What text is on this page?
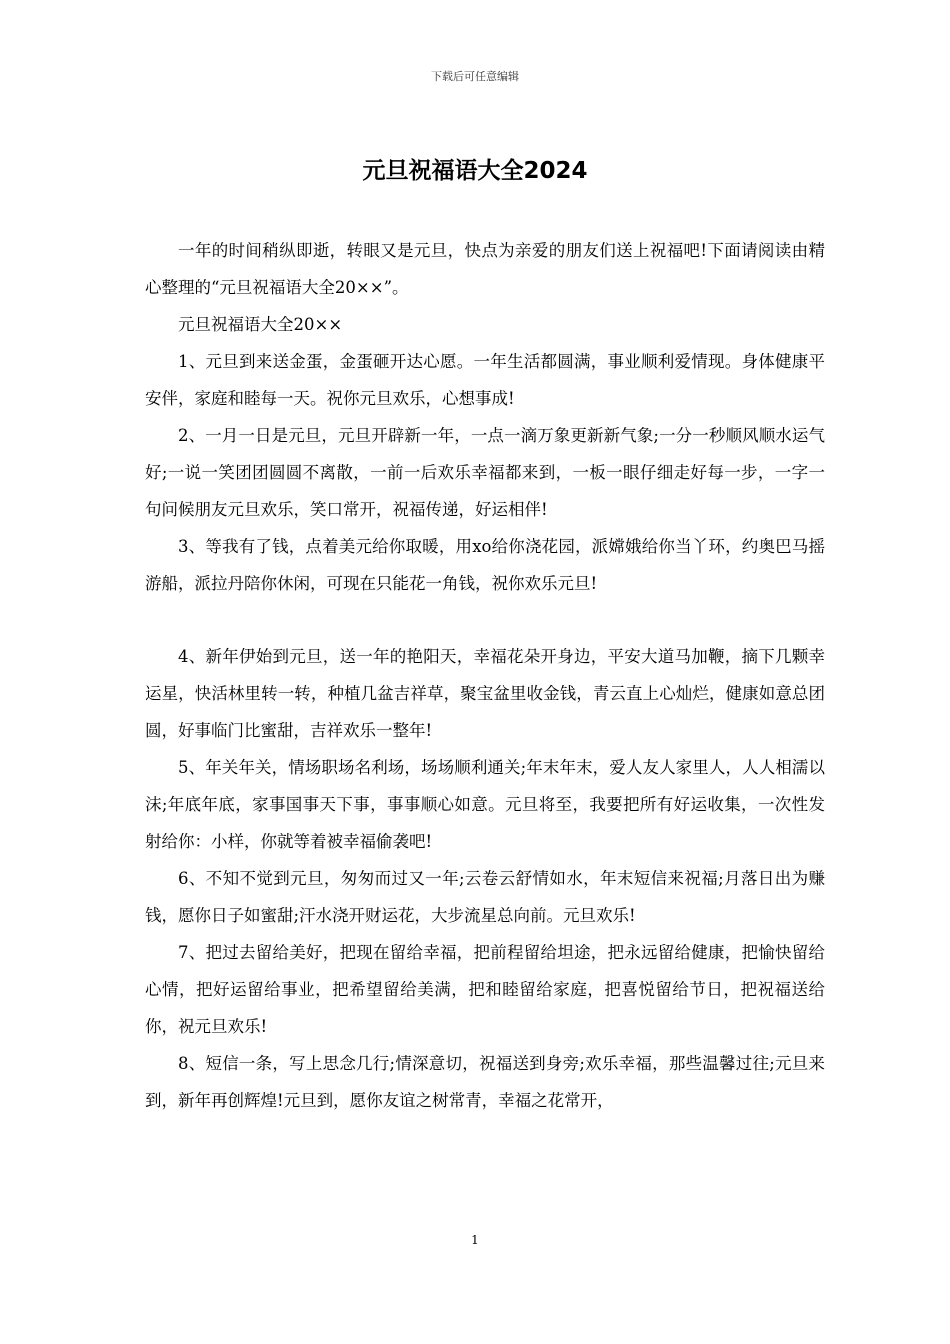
下载后可任意编辑
元旦祝福语大全2024

一年的时间稍纵即逝，转眼又是元旦，快点为亲爱的朋友们送上祝福吧!下面请阅读由精心整理的“元旦祝福语大全20××”。

元旦祝福语大全20××

1、元旦到来送金蛋，金蛋砸开达心愿。一年生活都圆满，事业顺利爱情现。身体健康平安伴，家庭和睦每一天。祝你元旦欢乐，心想事成!

2、一月一日是元旦，元旦开辟新一年，一点一滴万象更新新气象;一分一秒顺风顺水运气好;一说一笑团团圆圆不离散，一前一后欢乐幸福都来到，一板一眼仔细走好每一步，一字一句问候朋友元旦欢乐，笑口常开，祝福传递，好运相伴!

3、等我有了钱，点着美元给你取暖，用xo给你浇花园，派嫦娥给你当丫环，约奥巴马摇游船，派拉丹陪你休闲，可现在只能花一角钱，祝你欢乐元旦!

4、新年伊始到元旦，送一年的艳阳天，幸福花朵开身边，平安大道马加鞭，摘下几颗幸运星，快活林里转一转，种植几盆吉祥草，聚宝盆里收金钱，青云直上心灿烂，健康如意总团圆，好事临门比蜜甜，吉祥欢乐一整年!

5、年关年关，情场职场名利场，场场顺利通关;年末年末，爱人友人家里人，人人相濡以沫;年底年底，家事国事天下事，事事顺心如意。元旦将至，我要把所有好运收集，一次性发射给你：小样，你就等着被幸福偷袭吧!

6、不知不觉到元旦，匆匆而过又一年;云卷云舒情如水，年末短信来祝福;月落日出为赚钱，愿你日子如蜜甜;汗水浇开财运花，大步流星总向前。元旦欢乐!

7、把过去留给美好，把现在留给幸福，把前程留给坦途，把永远留给健康，把愉快留给心情，把好运留给事业，把希望留给美满，把和睦留给家庭，把喜悦留给节日，把祝福送给你，祝元旦欢乐!

8、短信一条，写上思念几行;情深意切，祝福送到身旁;欢乐幸福，那些温馨过往;元旦来到，新年再创辉煌!元旦到，愿你友谊之树常青，幸福之花常开，

1
